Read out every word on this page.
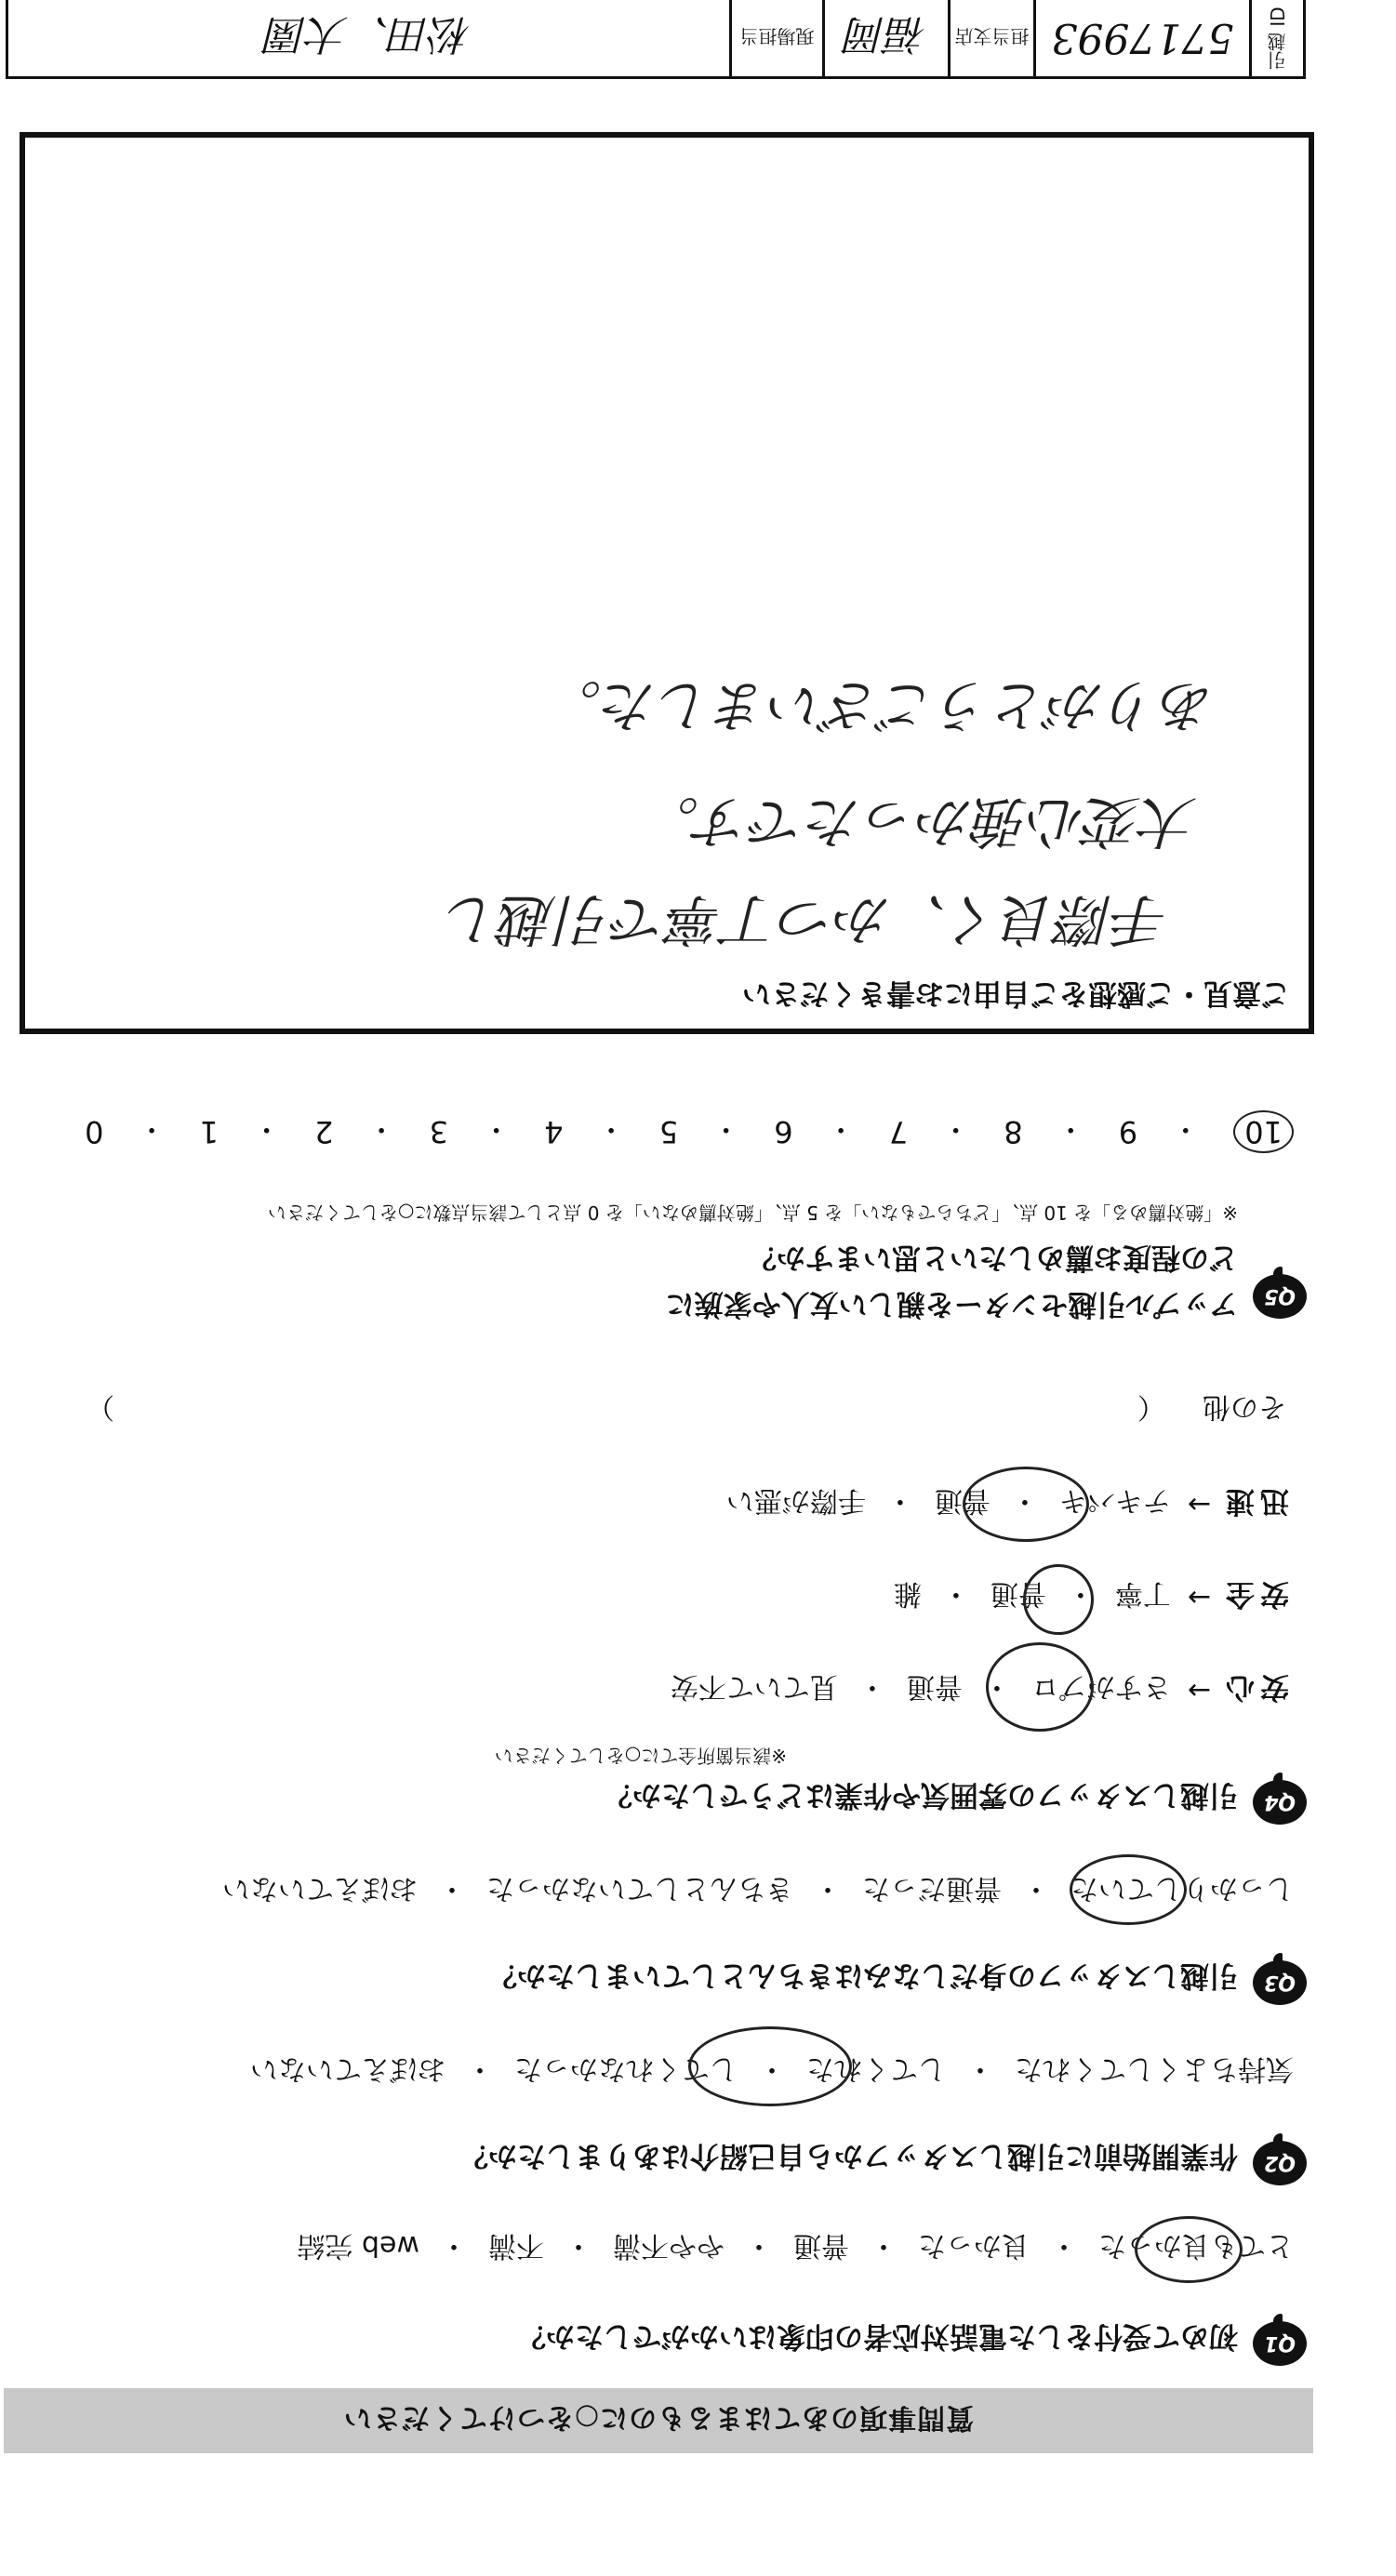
質問事項のあてはまるものに○をつけてください
Q1
初めて受付をした電話対応者の印象はいかがでしたか？
とても良かった
・
良かった
・
普通
・
やや不満
・
不満
・
web 完結
Q2
作業開始前に引越しスタッフから自己紹介はありましたか？
気持ちよくしてくれた
・
してくれた
・
してくれなかった
・
おぼえていない
Q3
引越しスタッフの身だしなみはきちんとしていましたか？
しっかりしていた
・
普通だった
・
きちんとしていなかった
・
おぼえていない
Q4
引越しスタッフの雰囲気や作業はどうでしたか？
※該当箇所全てに○をしてください
安心
→
さすがプロ
・
普通
・
見ていて不安
安全
→
丁寧
・
普通
・
雑
迅速
→
テキパキ
・
普通
・
手際が悪い
その他
（
）
Q5
アップル引越センターを親しい友人や家族に
どの程度お薦めしたいと思いますか？
※「絶対薦める」を 10 点、「どちらでもない」を 5 点、「絶対薦めない」を 0 点として該当点数に○をしてください
10
・
9
・
8
・
7
・
6
・
5
・
4
・
3
・
2
・
1
・
0
ご意見・ご感想をご自由にお書きください
手際良く、かつ丁寧で引越し
大変心強かったです。
ありがとうございました。
引越 ID
5717993
担当支店
福岡
現場担当
松田、大園
